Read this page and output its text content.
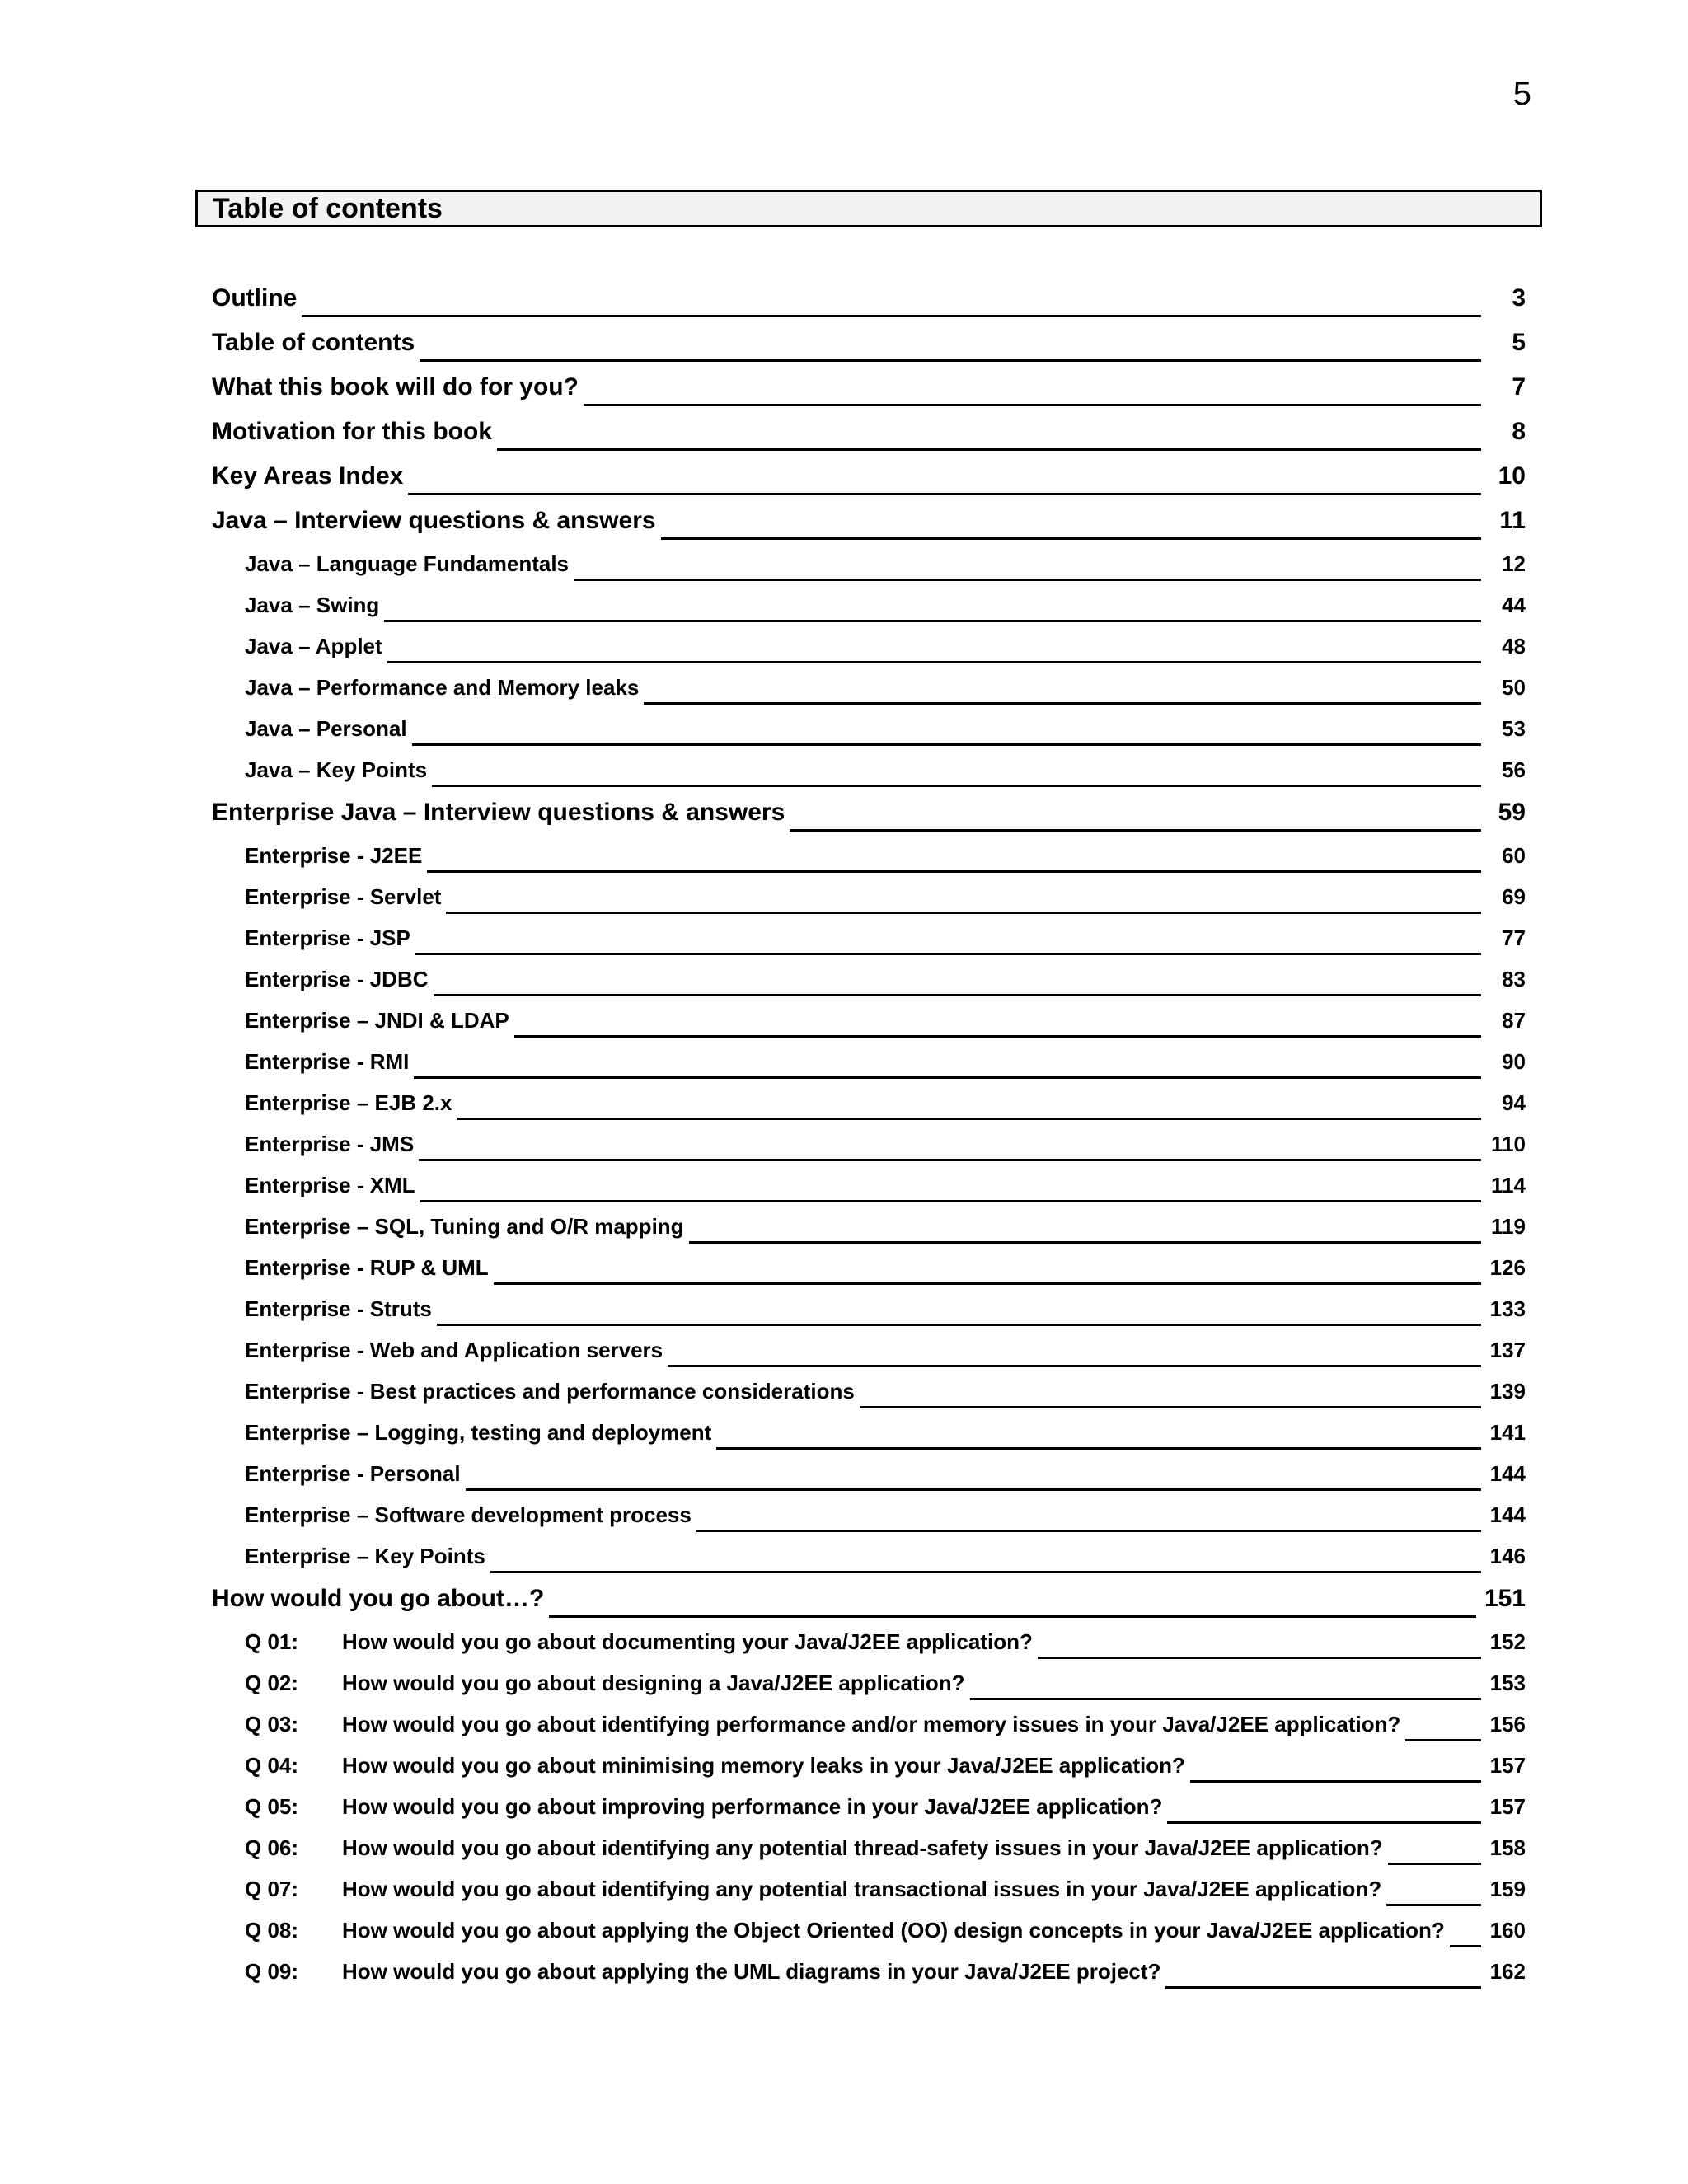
5
Table of contents
Outline	3
Table of contents	5
What this book will do for you?	7
Motivation for this book	8
Key Areas Index	10
Java – Interview questions & answers	11
Java – Language Fundamentals	12
Java – Swing	44
Java – Applet	48
Java – Performance and Memory leaks	50
Java – Personal	53
Java – Key Points	56
Enterprise Java – Interview questions & answers	59
Enterprise - J2EE	60
Enterprise - Servlet	69
Enterprise - JSP	77
Enterprise - JDBC	83
Enterprise – JNDI & LDAP	87
Enterprise - RMI	90
Enterprise – EJB 2.x	94
Enterprise - JMS	110
Enterprise - XML	114
Enterprise – SQL, Tuning and O/R mapping	119
Enterprise - RUP & UML	126
Enterprise - Struts	133
Enterprise - Web and Application servers	137
Enterprise - Best practices and performance considerations	139
Enterprise – Logging, testing and deployment	141
Enterprise - Personal	144
Enterprise – Software development process	144
Enterprise – Key Points	146
How would you go about…?	151
Q 01:	How would you go about documenting your Java/J2EE application?	152
Q 02:	How would you go about designing a Java/J2EE application?	153
Q 03:	How would you go about identifying performance and/or memory issues in your Java/J2EE application?	156
Q 04:	How would you go about minimising memory leaks in your Java/J2EE application?	157
Q 05:	How would you go about improving performance in your Java/J2EE application?	157
Q 06:	How would you go about identifying any potential thread-safety issues in your Java/J2EE application?	158
Q 07:	How would you go about identifying any potential transactional issues in your Java/J2EE application?	159
Q 08:	How would you go about applying the Object Oriented (OO) design concepts in your Java/J2EE application? 160
Q 09:	How would you go about applying the UML diagrams in your Java/J2EE project?	162
